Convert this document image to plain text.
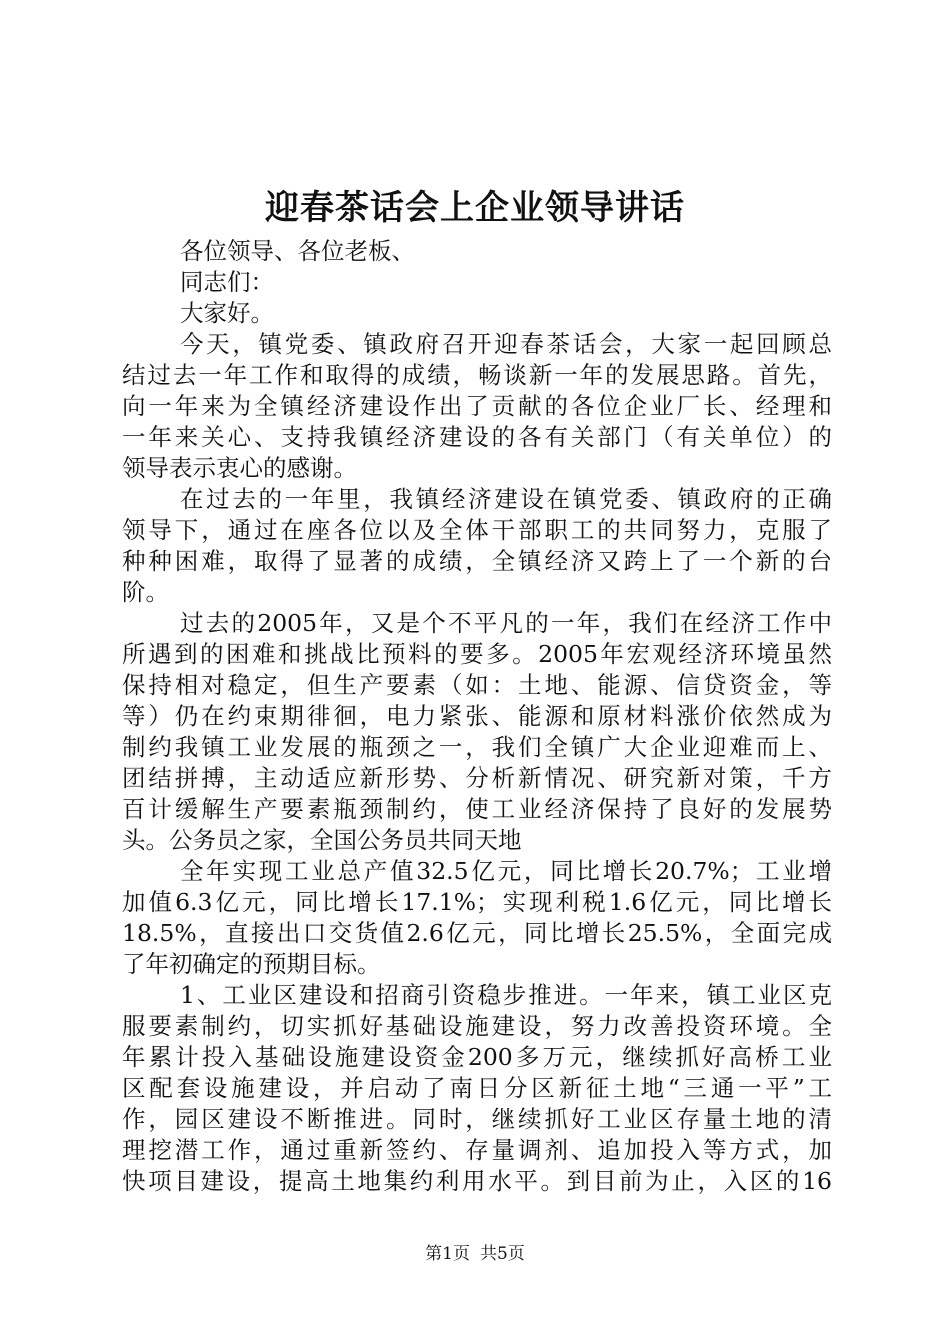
迎春茶话会上企业领导讲话
各位领导、各位老板、
同志们：
大家好。
今天，镇党委、镇政府召开迎春茶话会，大家一起回顾总
结过去一年工作和取得的成绩，畅谈新一年的发展思路。首先，
向一年来为全镇经济建设作出了贡献的各位企业厂长、经理和
一年来关心、支持我镇经济建设的各有关部门（有关单位）的
领导表示衷心的感谢。
在过去的一年里，我镇经济建设在镇党委、镇政府的正确
领导下，通过在座各位以及全体干部职工的共同努力，克服了
种种困难，取得了显著的成绩，全镇经济又跨上了一个新的台
阶。
过去的2005年，又是个不平凡的一年，我们在经济工作中
所遇到的困难和挑战比预料的要多。2005年宏观经济环境虽然
保持相对稳定，但生产要素（如：土地、能源、信贷资金，等
等）仍在约束期徘徊，电力紧张、能源和原材料涨价依然成为
制约我镇工业发展的瓶颈之一，我们全镇广大企业迎难而上、
团结拼搏，主动适应新形势、分析新情况、研究新对策，千方
百计缓解生产要素瓶颈制约，使工业经济保持了良好的发展势
头。公务员之家，全国公务员共同天地
全年实现工业总产值32.5亿元，同比增长20.7%；工业增
加值6.3亿元，同比增长17.1%；实现利税1.6亿元，同比增长
18.5%，直接出口交货值2.6亿元，同比增长25.5%，全面完成
了年初确定的预期目标。
1、工业区建设和招商引资稳步推进。一年来，镇工业区克
服要素制约，切实抓好基础设施建设，努力改善投资环境。全
年累计投入基础设施建设资金200多万元，继续抓好高桥工业
区配套设施建设，并启动了南日分区新征土地“三通一平”工
作，园区建设不断推进。同时，继续抓好工业区存量土地的清
理挖潜工作，通过重新签约、存量调剂、追加投入等方式，加
快项目建设，提高土地集约利用水平。到目前为止，入区的16
第1页 共5页
